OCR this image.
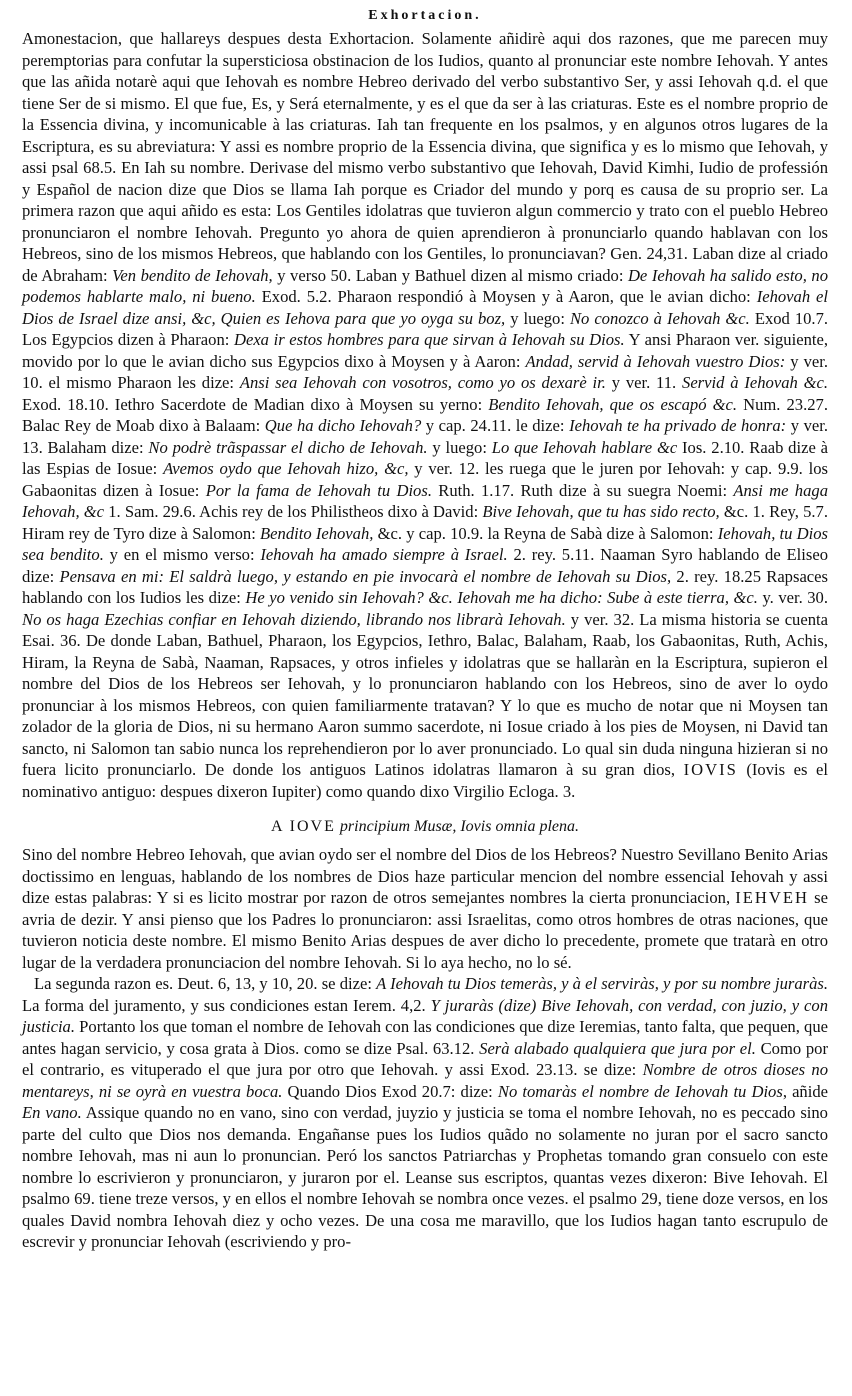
Exhortacion.

Amonestacion, que hallareys despues desta Exhortacion. Solamente añidirè aqui dos razones, que me parecen muy peremptorias para confutar la supersticiosa obstinacion de los Iudios, quanto al pronunciar este nombre Iehovah. Y antes que las añida notarè aqui que Iehovah es nombre Hebreo derivado del verbo substantivo Ser, y assi Iehovah q.d. el que tiene Ser de si mismo. El que fue, Es, y Será eternalmente, y es el que da ser à las criaturas. Este es el nombre proprio de la Essencia divina, y incomunicable à las criaturas. Iah tan frequente en los psalmos, y en algunos otros lugares de la Escriptura, es su abreviatura: Y assi es nombre proprio de la Essencia divina, que significa y es lo mismo que Iehovah, y assi psal 68.5. En Iah su nombre. Derivase del mismo verbo substantivo que Iehovah, David Kimhi, Iudio de professión y Español de nacion dize que Dios se llama Iah porque es Criador del mundo y porq es causa de su proprio ser. La primera razon que aqui añido es esta: Los Gentiles idolatras que tuvieron algun commercio y trato con el pueblo Hebreo pronunciaron el nombre Iehovah. Pregunto yo ahora de quien aprendieron à pronunciarlo quando hablavan con los Hebreos, sino de los mismos Hebreos, que hablando con los Gentiles, lo pronunciavan? Gen. 24,31. Laban dize al criado de Abraham: Ven bendito de Iehovah, y verso 50. Laban y Bathuel dizen al mismo criado: De Iehovah ha salido esto, no podemos hablarte malo, ni bueno. Exod. 5.2. Pharaon respondió à Moysen y à Aaron, que le avian dicho: Iehovah el Dios de Israel dize ansi, &c, Quien es Iehova para que yo oyga su boz, y luego: No conozco à Iehovah &c. Exod 10.7. Los Egypcios dizen à Pharaon: Dexa ir estos hombres para que sirvan à Iehovah su Dios. Y ansi Pharaon ver. siguiente, movido por lo que le avian dicho sus Egypcios dixo à Moysen y à Aaron: Andad, servid à Iehovah vuestro Dios: y ver. 10. el mismo Pharaon les dize: Ansi sea Iehovah con vosotros, como yo os dexarè ir. y ver. 11. Servid à Iehovah &c. Exod. 18.10. Iethro Sacerdote de Madian dixo à Moysen su yerno: Bendito Iehovah, que os escapó &c. Num. 23.27. Balac Rey de Moab dixo à Balaam: Que ha dicho Iehovah? y cap. 24.11. le dize: Iehovah te ha privado de honra: y ver. 13. Balaham dize: No podrè trãspassar el dicho de Iehovah. y luego: Lo que Iehovah hablare &c Ios. 2.10. Raab dize à las Espias de Iosue: Avemos oydo que Iehovah hizo, &c, y ver. 12. les ruega que le juren por Iehovah: y cap. 9.9. los Gabaonitas dizen à Iosue: Por la fama de Iehovah tu Dios. Ruth. 1.17. Ruth dize à su suegra Noemi: Ansi me haga Iehovah, &c 1. Sam. 29.6. Achis rey de los Philistheos dixo à David: Bive Iehovah, que tu has sido recto, &c. 1. Rey, 5.7. Hiram rey de Tyro dize à Salomon: Bendito Iehovah, &c. y cap. 10.9. la Reyna de Sabà dize à Salomon: Iehovah, tu Dios sea bendito. y en el mismo verso: Iehovah ha amado siempre à Israel. 2. rey. 5.11. Naaman Syro hablando de Eliseo dize: Pensava en mi: El saldrà luego, y estando en pie invocarà el nombre de Iehovah su Dios, 2. rey. 18.25 Rapsaces hablando con los Iudios les dize: He yo venido sin Iehovah? &c. Iehovah me ha dicho: Sube à este tierra, &c. y. ver. 30. No os haga Ezechias confiar en Iehovah diziendo, librando nos librarà Iehovah. y ver. 32. La misma historia se cuenta Esai. 36. De donde Laban, Bathuel, Pharaon, los Egypcios, Iethro, Balac, Balaham, Raab, los Gabaonitas, Ruth, Achis, Hiram, la Reyna de Sabà, Naaman, Rapsaces, y otros infieles y idolatras que se hallaràn en la Escriptura, supieron el nombre del Dios de los Hebreos ser Iehovah, y lo pronunciaron hablando con los Hebreos, sino de aver lo oydo pronunciar à los mismos Hebreos, con quien familiarmente tratavan? Y lo que es mucho de notar que ni Moysen tan zolador de la gloria de Dios, ni su hermano Aaron summo sacerdote, ni Iosue criado à los pies de Moysen, ni David tan sancto, ni Salomon tan sabio nunca los reprehendieron por lo aver pronunciado. Lo qual sin duda ninguna hizieran si no fuera licito pronunciarlo. De donde los antiguos Latinos idolatras llamaron à su gran dios, IOVIS (Iovis es el nominativo antiguo: despues dixeron Iupiter) como quando dixo Virgilio Ecloga. 3.

A IOVE principium Musæ, Iovis omnia plena.

Sino del nombre Hebreo Iehovah, que avian oydo ser el nombre del Dios de los Hebreos? Nuestro Sevillano Benito Arias doctissimo en lenguas, hablando de los nombres de Dios haze particular mencion del nombre essencial Iehovah y assi dize estas palabras: Y si es licito mostrar por razon de otros semejantes nombres la cierta pronunciacion, IEHVEH se avria de dezir. Y ansi pienso que los Padres lo pronunciaron: assi Israelitas, como otros hombres de otras naciones, que tuvieron noticia deste nombre. El mismo Benito Arias despues de aver dicho lo precedente, promete que tratarà en otro lugar de la verdadera pronunciacion del nombre Iehovah. Si lo aya hecho, no lo sé.

La segunda razon es. Deut. 6, 13, y 10, 20. se dize: A Iehovah tu Dios temeràs, y à el serviràs, y por su nombre juraràs. La forma del juramento, y sus condiciones estan Ierem. 4,2. Y juraràs (dize) Bive Iehovah, con verdad, con juzio, y con justicia. Portanto los que toman el nombre de Iehovah con las condiciones que dize Ieremias, tanto falta, que pequen, que antes hagan servicio, y cosa grata à Dios. como se dize Psal. 63.12. Serà alabado qualquiera que jura por el. Como por el contrario, es vituperado el que jura por otro que Iehovah. y assi Exod. 23.13. se dize: Nombre de otros dioses no mentareys, ni se oyrà en vuestra boca. Quando Dios Exod 20.7: dize: No tomaràs el nombre de Iehovah tu Dios, añide En vano. Assique quando no en vano, sino con verdad, juyzio y justicia se toma el nombre Iehovah, no es peccado sino parte del culto que Dios nos demanda. Engañanse pues los Iudios quãdo no solamente no juran por el sacro sancto nombre Iehovah, mas ni aun lo pronuncian. Peró los sanctos Patriarchas y Prophetas tomando gran consuelo con este nombre lo escrivieron y pronunciaron, y juraron por el. Leanse sus escriptos, quantas vezes dixeron: Bive Iehovah. El psalmo 69. tiene treze versos, y en ellos el nombre Iehovah se nombra once vezes. el psalmo 29, tiene doze versos, en los quales David nombra Iehovah diez y ocho vezes. De una cosa me maravillo, que los Iudios hagan tanto escrupulo de escrevir y pronunciar Iehovah (escriviendo y pro-
